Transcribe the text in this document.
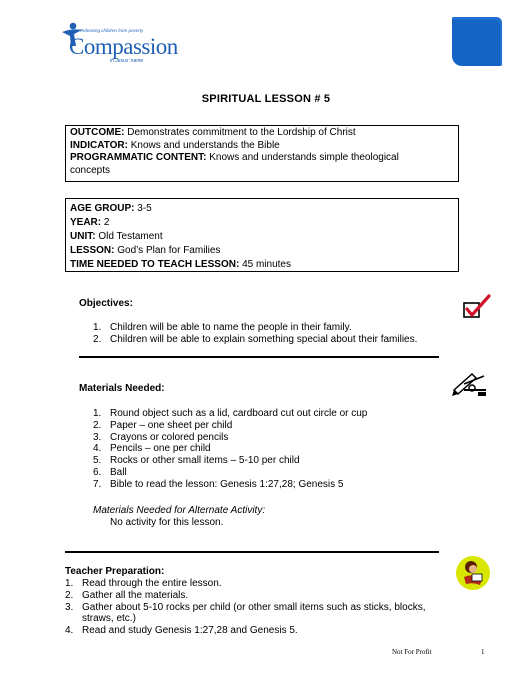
Releasing children from poverty
Compassion
in Jesus' name
SPIRITUAL LESSON # 5
OUTCOME: Demonstrates commitment to the Lordship of Christ
INDICATOR: Knows and understands the Bible
PROGRAMMATIC CONTENT: Knows and understands simple theological concepts
AGE GROUP: 3-5
YEAR: 2
UNIT: Old Testament
LESSON: God’s Plan for Families
TIME NEEDED TO TEACH LESSON: 45 minutes
Objectives:
1. Children will be able to name the people in their family.
2. Children will be able to explain something special about their families.
Materials Needed:
1. Round object such as a lid, cardboard cut out circle or cup
2. Paper – one sheet per child
3. Crayons or colored pencils
4. Pencils – one per child
5. Rocks or other small items – 5-10 per child
6. Ball
7. Bible to read the lesson: Genesis 1:27,28; Genesis 5
Materials Needed for Alternate Activity:
No activity for this lesson.
Teacher Preparation:
1. Read through the entire lesson.
2. Gather all the materials.
3. Gather about 5-10 rocks per child (or other small items such as sticks, blocks, straws, etc.)
4. Read and study Genesis 1:27,28 and Genesis 5.
Not For Profit	1
